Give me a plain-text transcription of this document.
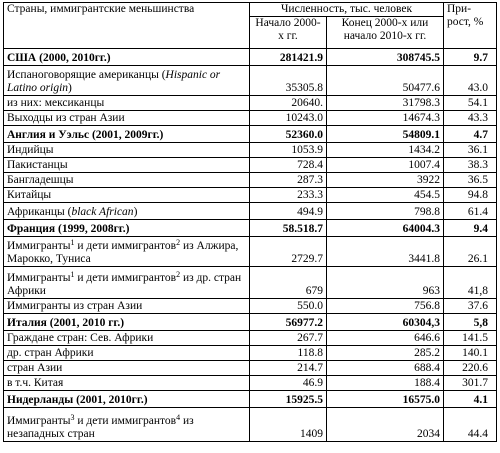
Страны, иммигрантские меньшинства	Численность, тыс. человек		При-рост, %
	Начало 2000-х гг.	Конец 2000-х или начало 2010-х гг.	
США (2000, 2010гг.)	281421.9	308745.5	9.7
Испаноговорящие американцы (Hispanic or Latino origin)	35305.8	50477.6	43.0
из них: мексиканцы	20640.	31798.3	54.1
Выходцы из стран Азии	10243.0	14674.3	43.3
Англия и Уэльс (2001, 2009гг.)	52360.0	54809.1	4.7
Индийцы	1053.9	1434.2	36.1
Пакистанцы	728.4	1007.4	38.3
Бангладешцы	287.3	3922	36.5
Китайцы	233.3	454.5	94.8
Африканцы (black African)	494.9	798.8	61.4
Франция (1999, 2008гг.)	58.518.7	64004.3	9.4
Иммигранты$^1$ и дети иммигрантов$^2$ из Алжира, Марокко, Туниса	2729.7	3441.8	26.1
Иммигранты$^1$ и дети иммигрантов$^2$ из др. стран Африки	679	963	41,8
Иммигранты из стран Азии	550.0	756.8	37.6
Италия (2001, 2010 гг.)	56977.2	60304,3	5,8
Граждане стран: Сев. Африки	267.7	646.6	141.5
др. стран Африки	118.8	285.2	140.1
стран Азии	214.7	688.4	220.6
в т.ч. Китая	46.9	188.4	301.7
Нидерланды (2001, 2010гг.)	15925.5	16575.0	4.1
Иммигранты$^3$ и дети иммигрантов$^4$ из незападных стран	1409	2034	44.4
